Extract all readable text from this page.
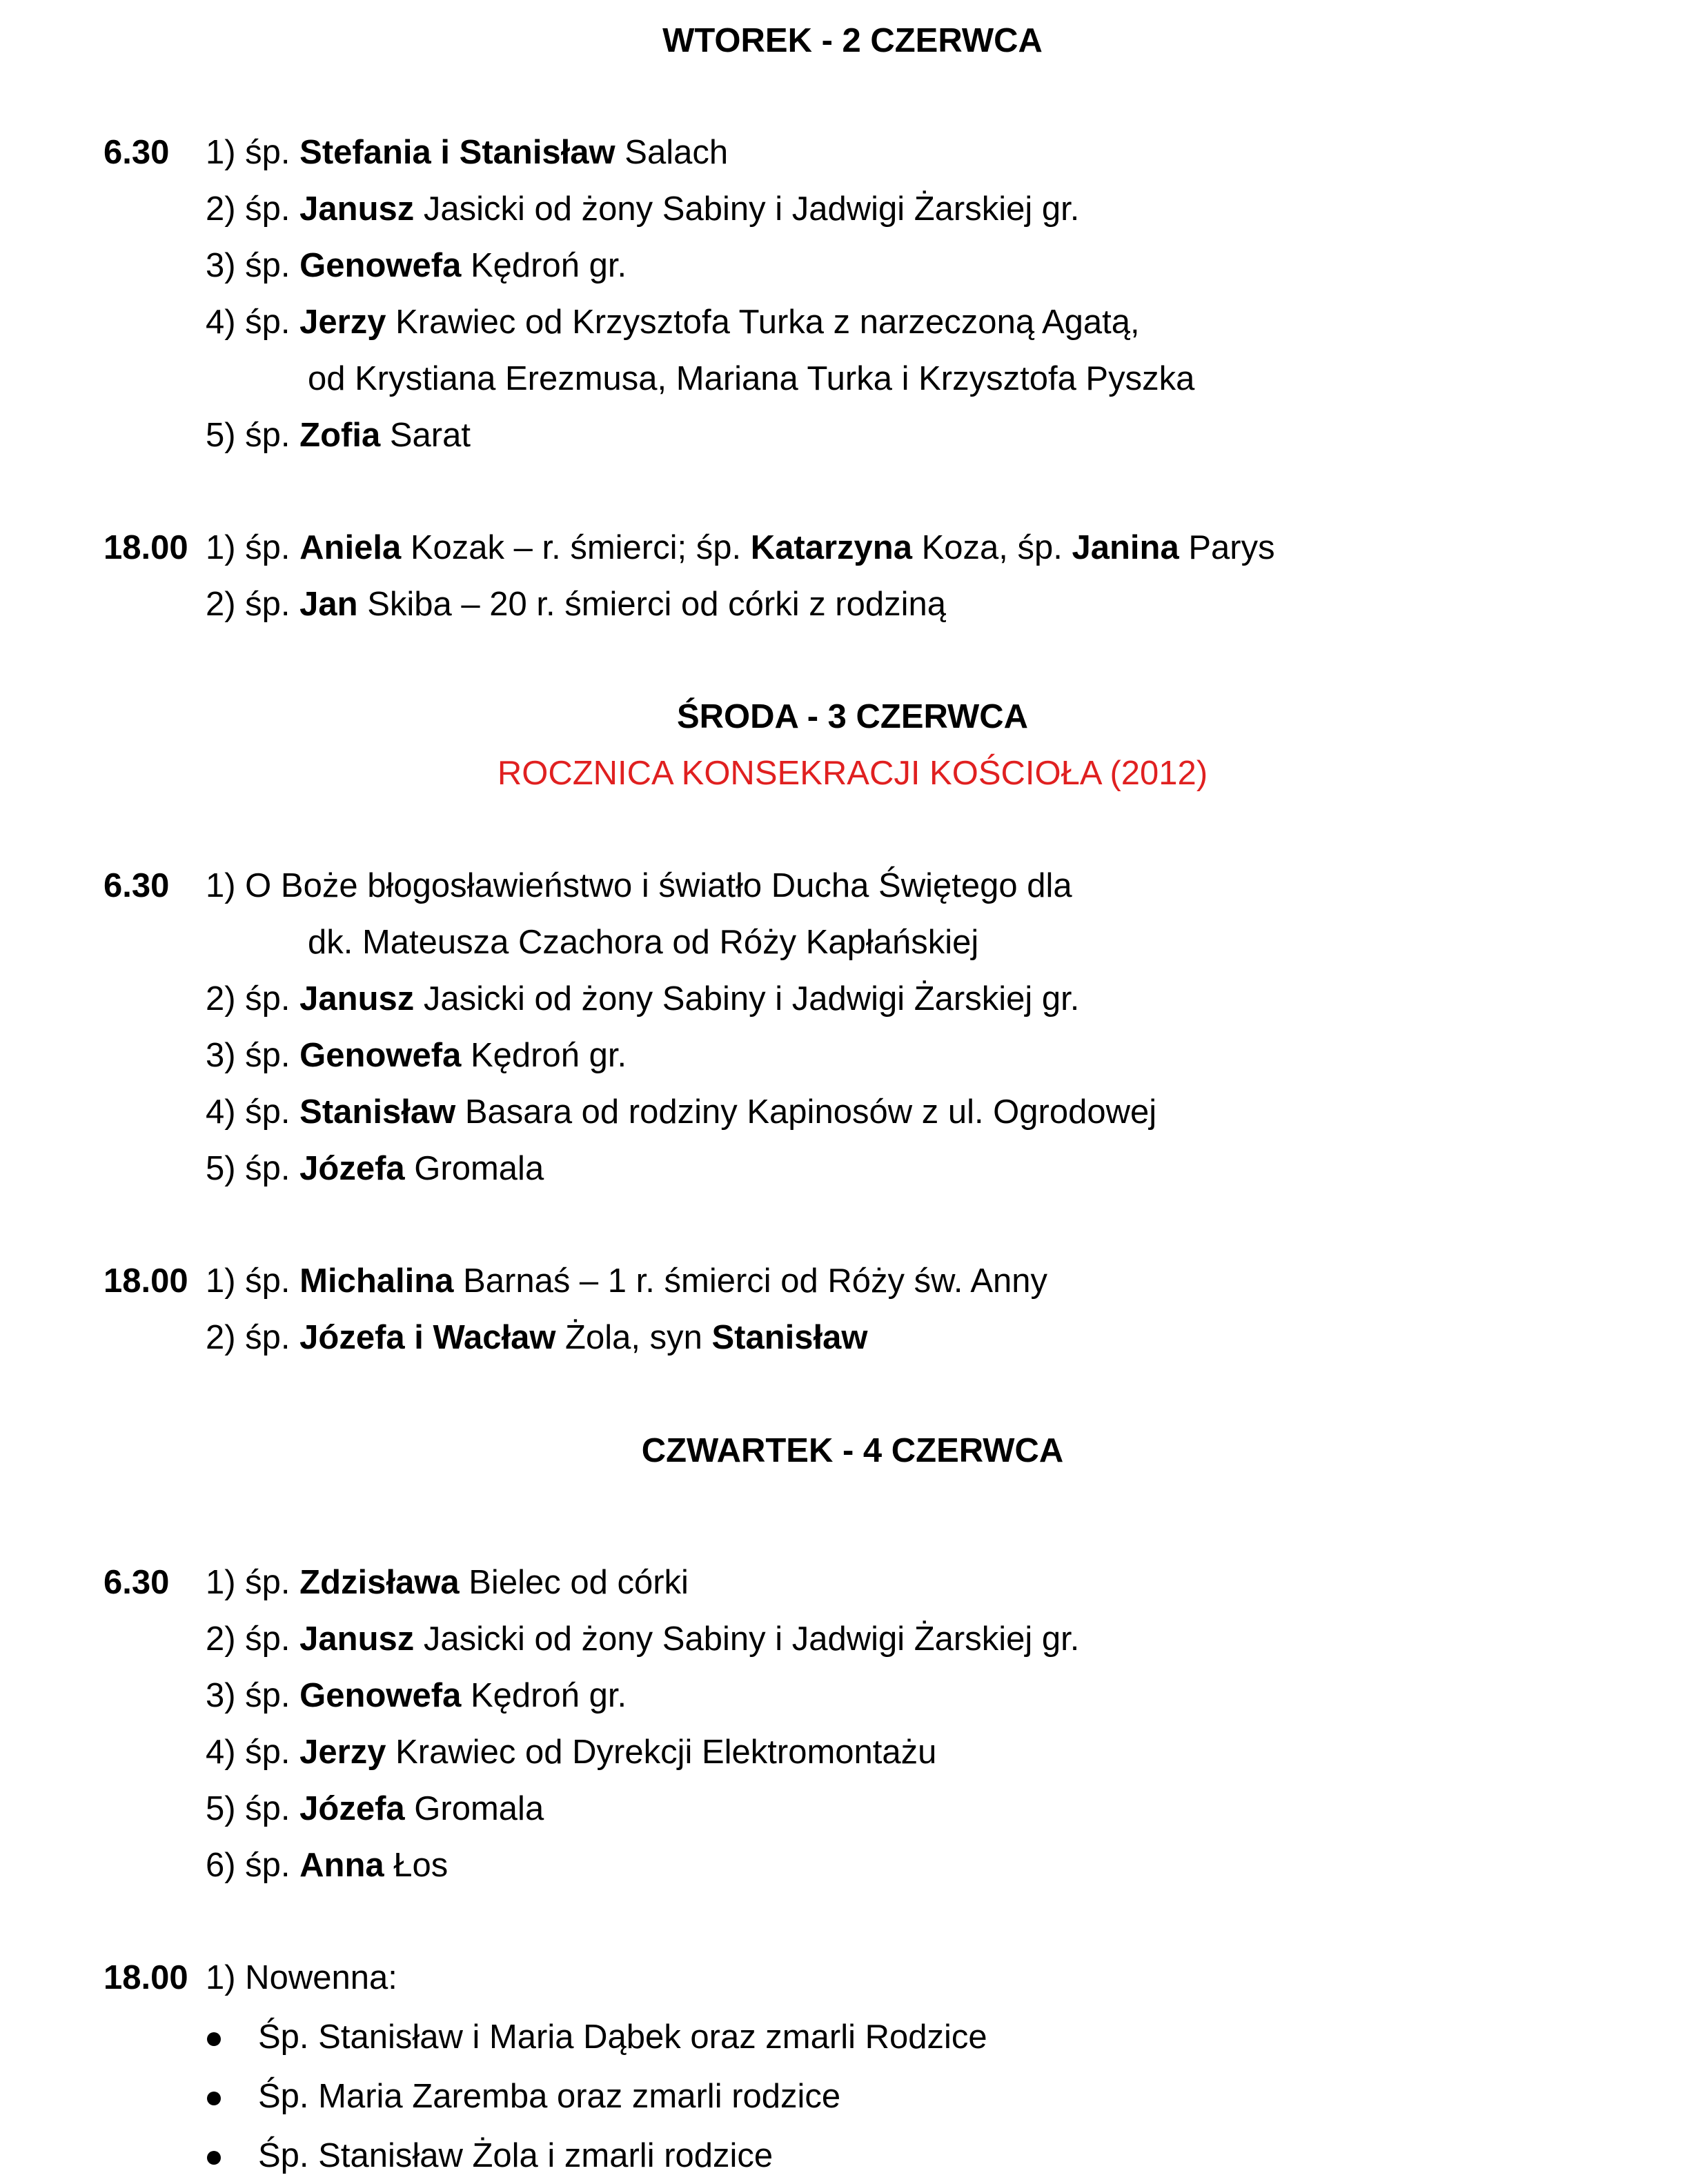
WTOREK - 2 CZERWCA
6.30 1) śp. Stefania i Stanisław Salach
2) śp. Janusz Jasicki od żony Sabiny i Jadwigi Żarskiej gr.
3) śp. Genowefa Kędroń gr.
4) śp. Jerzy Krawiec od Krzysztofa Turka z narzeczoną Agatą,
od Krystiana Erezmusa, Mariana Turka i Krzysztofa Pyszka
5) śp. Zofia Sarat
18.00 1) śp. Aniela Kozak – r. śmierci; śp. Katarzyna Koza, śp. Janina Parys
2) śp. Jan Skiba – 20 r. śmierci od córki z rodziną
ŚRODA - 3 CZERWCA
ROCZNICA KONSEKRACJI KOŚCIOŁA (2012)
6.30 1) O Boże błogosławieństwo i światło Ducha Świętego dla
dk. Mateusza Czachora od Róży Kapłańskiej
2) śp. Janusz Jasicki od żony Sabiny i Jadwigi Żarskiej gr.
3) śp. Genowefa Kędroń gr.
4) śp. Stanisław Basara od rodziny Kapinosów z ul. Ogrodowej
5) śp. Józefa Gromala
18.00 1) śp. Michalina Barnaś – 1 r. śmierci od Róży św. Anny
2) śp. Józefa i Wacław Żola, syn Stanisław
CZWARTEK - 4 CZERWCA
6.30 1) śp. Zdzisława Bielec od córki
2) śp. Janusz Jasicki od żony Sabiny i Jadwigi Żarskiej gr.
3) śp. Genowefa Kędroń gr.
4) śp. Jerzy Krawiec od Dyrekcji Elektromontażu
5) śp. Józefa Gromala
6) śp. Anna Łos
18.00 1) Nowenna:
Śp. Stanisław i Maria Dąbek oraz zmarli Rodzice
Śp. Maria Zaremba oraz zmarli rodzice
Śp. Stanisław Żola i zmarli rodzice
